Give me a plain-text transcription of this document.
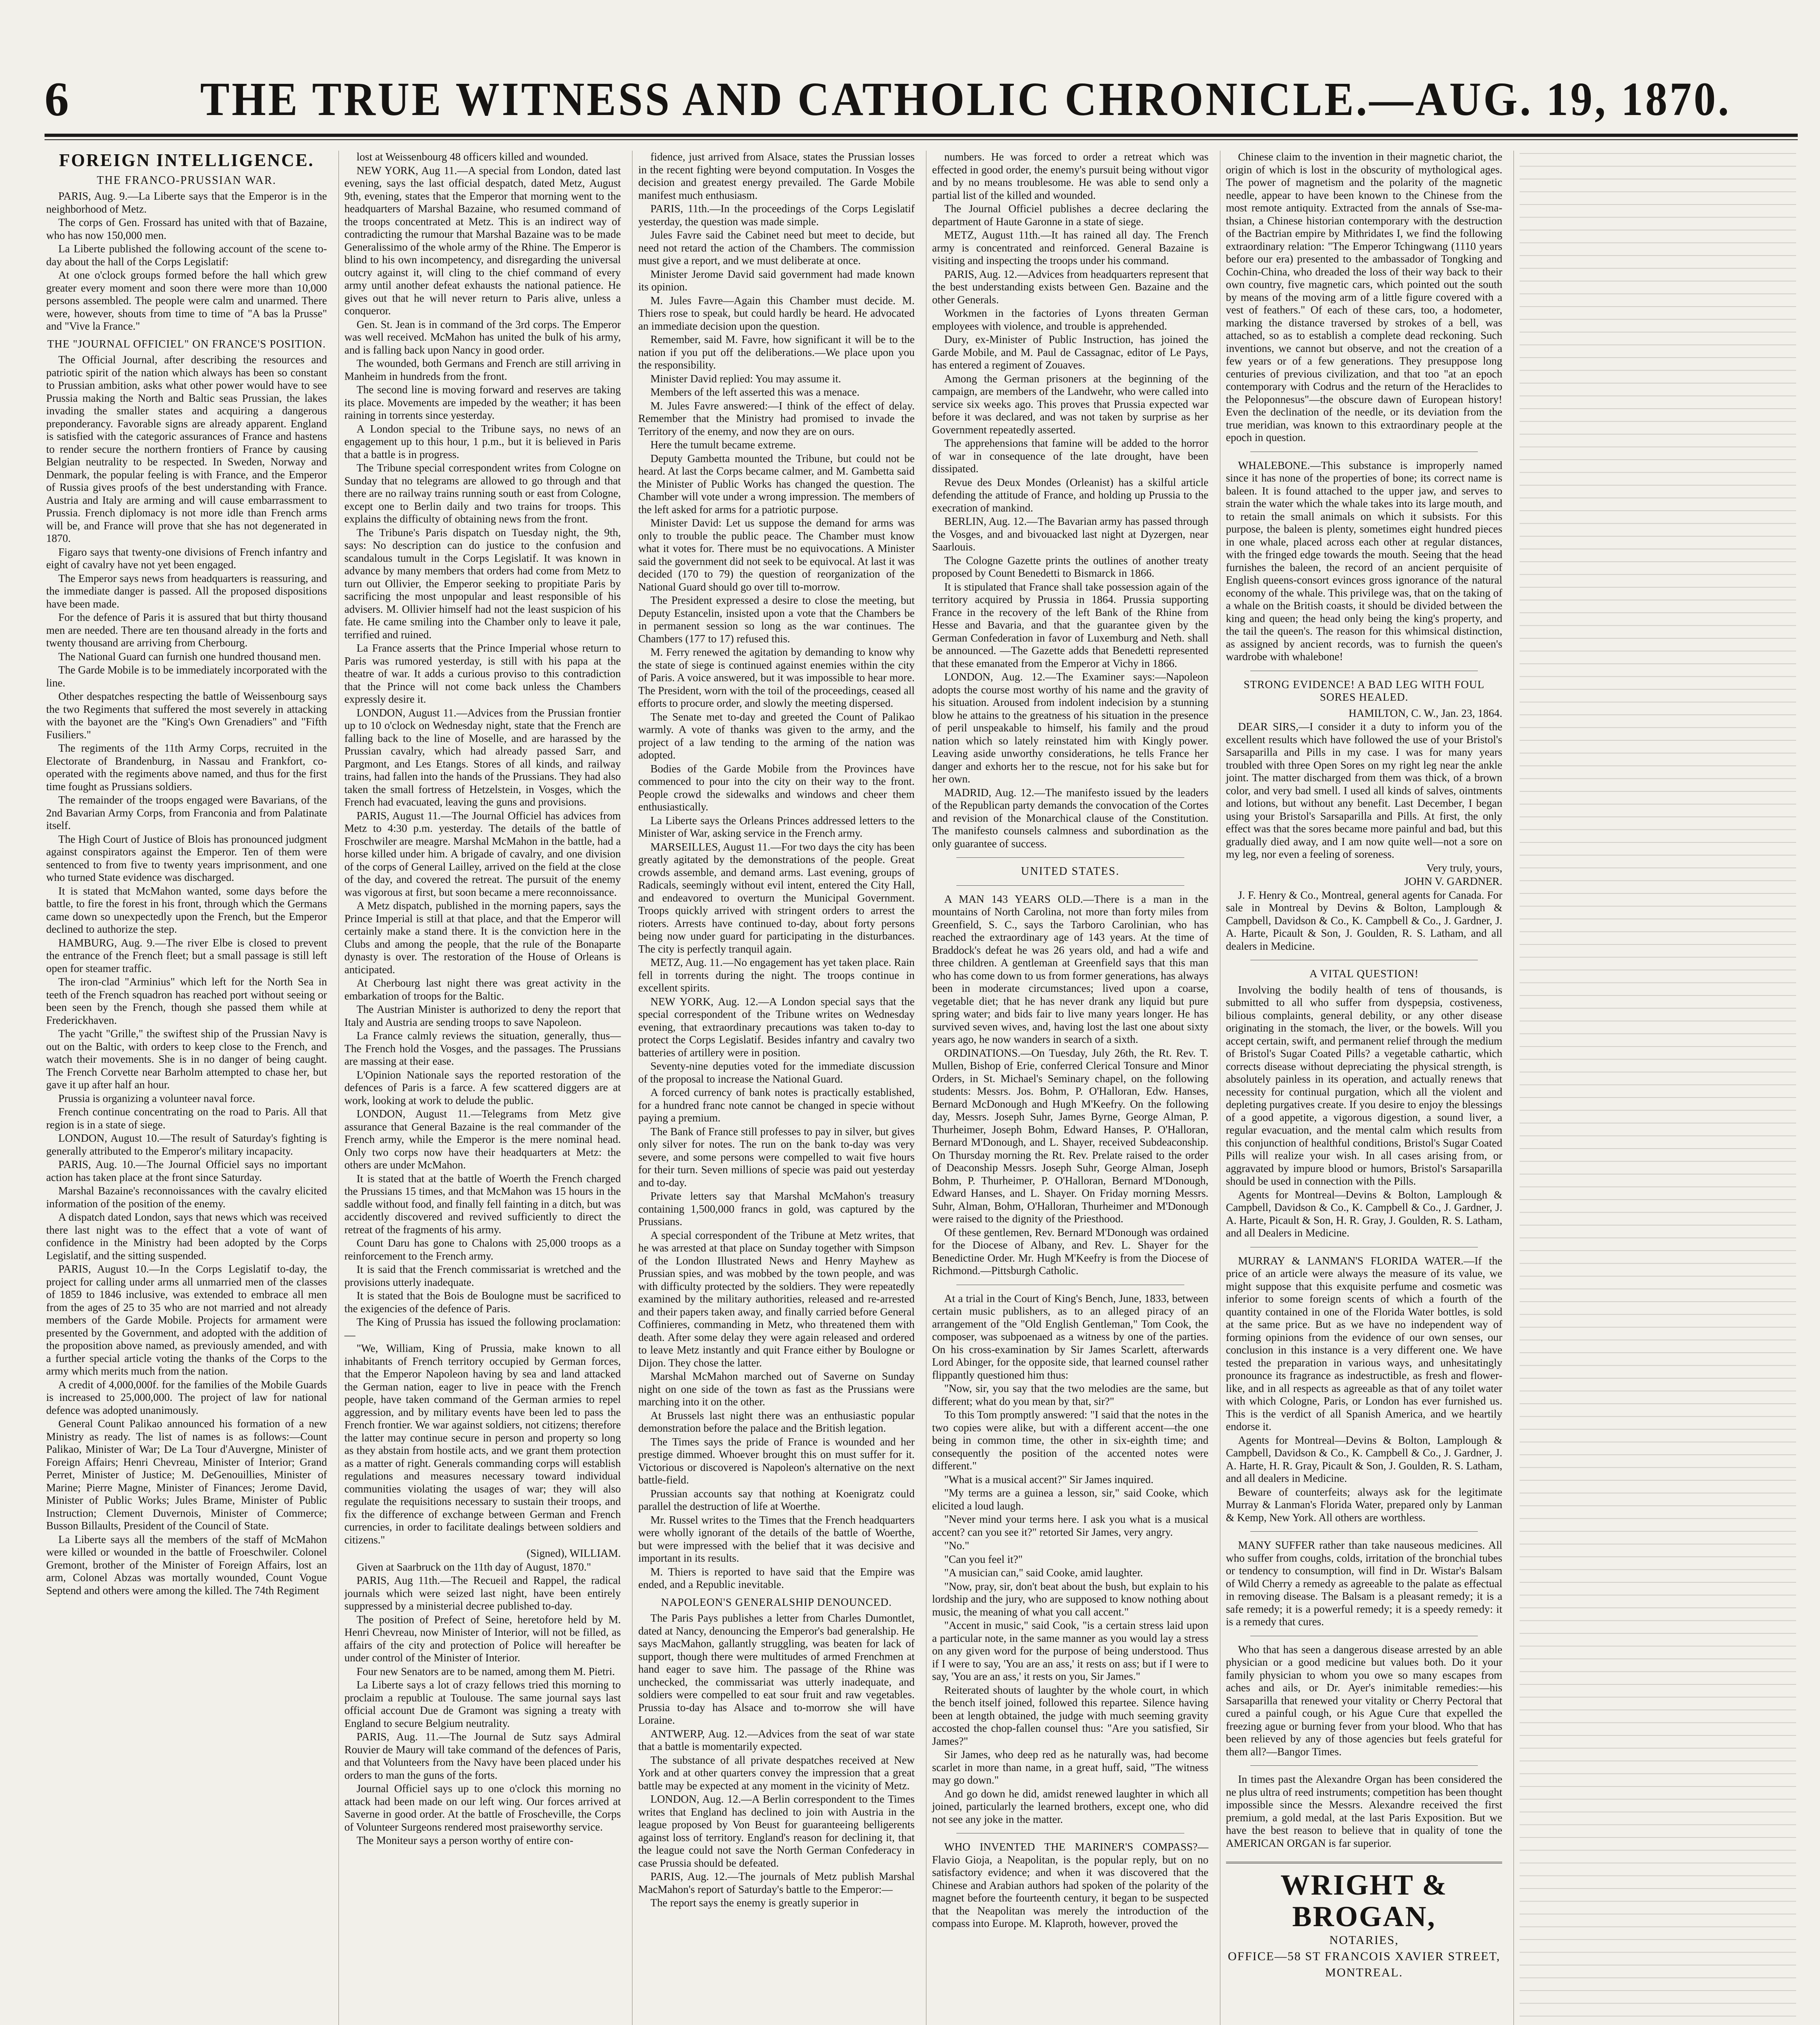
6	THE TRUE WITNESS AND CATHOLIC CHRONICLE.—AUG. 19, 1870.
FOREIGN INTELLIGENCE.
THE FRANCO-PRUSSIAN WAR.

PARIS, Aug. 9.—La Liberte says that the Emperor is in the neighborhood of Metz.

The corps of Gen. Frossard has united with that of Bazaine, who has now 150,000 men.

La Liberte published the following account of the scene to-day about the hall of the Corps Legislatif:

At one o'clock groups formed before the hall which grew greater every moment and soon there were more than 10,000 persons assembled. The people were calm and unarmed. There were, however, shouts from time to time of "A bas la Prusse" and "Vive la France."

THE "JOURNAL OFFICIEL" ON FRANCE'S POSITION.

The Official Journal, after describing the resources and patriotic spirit of the nation which always has been so constant to Prussian ambition, asks what other power would have to see Prussia making the North and Baltic seas Prussian, the lakes invading the smaller states and acquiring a dangerous preponderancy. Favorable signs are already apparent. England is satisfied with the categoric assurances of France and hastens to render secure the northern frontiers of France by causing Belgian neutrality to be respected. In Sweden, Norway and Denmark, the popular feeling is with France, and the Emperor of Russia gives proofs of the best understanding with France. Austria and Italy are arming and will cause embarrassment to Prussia. French diplomacy is not more idle than French arms will be, and France will prove that she has not degenerated in 1870.

Figaro says that twenty-one divisions of French infantry and eight of cavalry have not yet been engaged.

The Emperor says news from headquarters is reassuring, and the immediate danger is passed. All the proposed dispositions have been made.

For the defence of Paris it is assured that but thirty thousand men are needed. There are ten thousand already in the forts and twenty thousand are arriving from Cherbourg.

The National Guard can furnish one hundred thousand men.

The Garde Mobile is to be immediately incorporated with the line.

Other despatches respecting the battle of Weissenbourg says the two Regiments that suffered the most severely in attacking with the bayonet are the "King's Own Grenadiers" and "Fifth Fusiliers."

The regiments of the 11th Army Corps, recruited in the Electorate of Brandenburg, in Nassau and Frankfort, co-operated with the regiments above named, and thus for the first time fought as Prussians soldiers.

The remainder of the troops engaged were Bavarians, of the 2nd Bavarian Army Corps, from Franconia and from Palatinate itself.

The High Court of Justice of Blois has pronounced judgment against conspirators against the Emperor. Ten of them were sentenced to from five to twenty years imprisonment, and one who turned State evidence was discharged.

It is stated that McMahon wanted, some days before the battle, to fire the forest in his front, through which the Germans came down so unexpectedly upon the French, but the Emperor declined to authorize the step.

HAMBURG, Aug. 9.—The river Elbe is closed to prevent the entrance of the French fleet; but a small passage is still left open for steamer traffic.

The iron-clad "Arminius" which left for the North Sea in teeth of the French squadron has reached port without seeing or been seen by the French, though she passed them while at Frederickhaven.

The yacht "Grille," the swiftest ship of the Prussian Navy is out on the Baltic, with orders to keep close to the French, and watch their movements. She is in no danger of being caught. The French Corvette near Barholm attempted to chase her, but gave it up after half an hour.

Prussia is organizing a volunteer naval force.

French continue concentrating on the road to Paris. All that region is in a state of siege.

LONDON, August 10.—The result of Saturday's fighting is generally attributed to the Emperor's military incapacity.

PARIS, Aug. 10.—The Journal Officiel says no important action has taken place at the front since Saturday.

Marshal Bazaine's reconnoissances with the cavalry elicited information of the position of the enemy.

A dispatch dated London, says that news which was received there last night was to the effect that a vote of want of confidence in the Ministry had been adopted by the Corps Legislatif, and the sitting suspended.

PARIS, August 10.—In the Corps Legislatif to-day, the project for calling under arms all unmarried men of the classes of 1859 to 1846 inclusive, was extended to embrace all men from the ages of 25 to 35 who are not married and not already members of the Garde Mobile. Projects for armament were presented by the Government, and adopted with the addition of the proposition above named, as previously amended, and with a further special article voting the thanks of the Corps to the army which merits much from the nation.

A credit of 4,000,000f. for the families of the Mobile Guards is increased to 25,000,000. The project of law for national defence was adopted unanimously.

General Count Palikao announced his formation of a new Ministry as ready. The list of names is as follows:—Count Palikao, Minister of War; De La Tour d'Auvergne, Minister of Foreign Affairs; Henri Chevreau, Minister of Interior; Grand Perret, Minister of Justice; M. DeGenouillies, Minister of Marine; Pierre Magne, Minister of Finances; Jerome David, Minister of Public Works; Jules Brame, Minister of Public Instruction; Clement Duvernois, Minister of Commerce; Busson Billaults, President of the Council of State.

La Liberte says all the members of the staff of McMahon were killed or wounded in the battle of Froeschwiler. Colonel Gremont, brother of the Minister of Foreign Affairs, lost an arm, Colonel Abzas was mortally wounded, Count Vogue Septend and others were among the killed. The 74th Regiment

lost at Weissenbourg 48 officers killed and wounded.

NEW YORK, Aug 11.—A special from London, dated last evening, says the last official despatch, dated Metz, August 9th, evening, states that the Emperor that morning went to the headquarters of Marshal Bazaine, who resumed command of the troops concentrated at Metz. This is an indirect way of contradicting the rumour that Marshal Bazaine was to be made Generalissimo of the whole army of the Rhine. The Emperor is blind to his own incompetency, and disregarding the universal outcry against it, will cling to the chief command of every army until another defeat exhausts the national patience. He gives out that he will never return to Paris alive, unless a conqueror.

Gen. St. Jean is in command of the 3rd corps. The Emperor was well received. McMahon has united the bulk of his army, and is falling back upon Nancy in good order.

The wounded, both Germans and French are still arriving in Manheim in hundreds from the front.

The second line is moving forward and reserves are taking its place. Movements are impeded by the weather; it has been raining in torrents since yesterday.

A London special to the Tribune says, no news of an engagement up to this hour, 1 p.m., but it is believed in Paris that a battle is in progress.

The Tribune special correspondent writes from Cologne on Sunday that no telegrams are allowed to go through and that there are no railway trains running south or east from Cologne, except one to Berlin daily and two trains for troops. This explains the difficulty of obtaining news from the front.

The Tribune's Paris dispatch on Tuesday night, the 9th, says: No description can do justice to the confusion and scandalous tumult in the Corps Legislatif. It was known in advance by many members that orders had come from Metz to turn out Ollivier, the Emperor seeking to propitiate Paris by sacrificing the most unpopular and least responsible of his advisers. M. Ollivier himself had not the least suspicion of his fate. He came smiling into the Chamber only to leave it pale, terrified and ruined.

La France asserts that the Prince Imperial whose return to Paris was rumored yesterday, is still with his papa at the theatre of war. It adds a curious proviso to this contradiction that the Prince will not come back unless the Chambers expressly desire it.

LONDON, August 11.—Advices from the Prussian frontier up to 10 o'clock on Wednesday night, state that the French are falling back to the line of Moselle, and are harassed by the Prussian cavalry, which had already passed Sarr, and Pargmont, and Les Etangs. Stores of all kinds, and railway trains, had fallen into the hands of the Prussians. They had also taken the small fortress of Hetzelstein, in Vosges, which the French had evacuated, leaving the guns and provisions.

PARIS, August 11.—The Journal Officiel has advices from Metz to 4:30 p.m. yesterday. The details of the battle of Froschwiler are meagre. Marshal McMahon in the battle, had a horse killed under him. A brigade of cavalry, and one division of the corps of General Lailley, arrived on the field at the close of the day, and covered the retreat. The pursuit of the enemy was vigorous at first, but soon became a mere reconnoissance.

A Metz dispatch, published in the morning papers, says the Prince Imperial is still at that place, and that the Emperor will certainly make a stand there. It is the conviction here in the Clubs and among the people, that the rule of the Bonaparte dynasty is over. The restoration of the House of Orleans is anticipated.

At Cherbourg last night there was great activity in the embarkation of troops for the Baltic.

The Austrian Minister is authorized to deny the report that Italy and Austria are sending troops to save Napoleon.

La France calmly reviews the situation, generally, thus—The French hold the Vosges, and the passages. The Prussians are massing at their ease.

L'Opinion Nationale says the reported restoration of the defences of Paris is a farce. A few scattered diggers are at work, looking at work to delude the public.

LONDON, August 11.—Telegrams from Metz give assurance that General Bazaine is the real commander of the French army, while the Emperor is the mere nominal head. Only two corps now have their headquarters at Metz: the others are under McMahon.

It is stated that at the battle of Woerth the French charged the Prussians 15 times, and that McMahon was 15 hours in the saddle without food, and finally fell fainting in a ditch, but was accidently discovered and revived sufficiently to direct the retreat of the fragments of his army.

Count Daru has gone to Chalons with 25,000 troops as a reinforcement to the French army.

It is said that the French commissariat is wretched and the provisions utterly inadequate.

It is stated that the Bois de Boulogne must be sacrificed to the exigencies of the defence of Paris.

The King of Prussia has issued the following proclamation:—

"We, William, King of Prussia, make known to all inhabitants of French territory occupied by German forces, that the Emperor Napoleon having by sea and land attacked the German nation, eager to live in peace with the French people, have taken command of the German armies to repel aggression, and by military events have been led to pass the French frontier. We war against soldiers, not citizens; therefore the latter may continue secure in person and property so long as they abstain from hostile acts, and we grant them protection as a matter of right. Generals commanding corps will establish regulations and measures necessary toward individual communities violating the usages of war; they will also regulate the requisitions necessary to sustain their troops, and fix the difference of exchange between German and French currencies, in order to facilitate dealings between soldiers and citizens."

(Signed), WILLIAM.

Given at Saarbruck on the 11th day of August, 1870."

PARIS, Aug 11th.—The Recueil and Rappel, the radical journals which were seized last night, have been entirely suppressed by a ministerial decree published to-day.

The position of Prefect of Seine, heretofore held by M. Henri Chevreau, now Minister of Interior, will not be filled, as affairs of the city and protection of Police will hereafter be under control of the Minister of Interior.

Four new Senators are to be named, among them M. Pietri.

La Liberte says a lot of crazy fellows tried this morning to proclaim a republic at Toulouse. The same journal says last official account Due de Gramont was signing a treaty with England to secure Belgium neutrality.

PARIS, Aug. 11.—The Journal de Sutz says Admiral Rouvier de Maury will take command of the defences of Paris, and that Volunteers from the Navy have been placed under his orders to man the guns of the forts.

Journal Officiel says up to one o'clock this morning no attack had been made on our left wing. Our forces arrived at Saverne in good order. At the battle of Froscheville, the Corps of Volunteer Surgeons rendered most praiseworthy service.

The Moniteur says a person worthy of entire con-

fidence, just arrived from Alsace, states the Prussian losses in the recent fighting were beyond computation. In Vosges the decision and greatest energy prevailed. The Garde Mobile manifest much enthusiasm.

PARIS, 11th.—In the proceedings of the Corps Legislatif yesterday, the question was made simple.

Jules Favre said the Cabinet need but meet to decide, but need not retard the action of the Chambers. The commission must give a report, and we must deliberate at once.

Minister Jerome David said government had made known its opinion.

M. Jules Favre—Again this Chamber must decide. M. Thiers rose to speak, but could hardly be heard. He advocated an immediate decision upon the question.

Remember, said M. Favre, how significant it will be to the nation if you put off the deliberations.—We place upon you the responsibility.

Minister David replied: You may assume it.

Members of the left asserted this was a menace.

M. Jules Favre answered:—I think of the effect of delay. Remember that the Ministry had promised to invade the Territory of the enemy, and now they are on ours.

Here the tumult became extreme.

Deputy Gambetta mounted the Tribune, but could not be heard. At last the Corps became calmer, and M. Gambetta said the Minister of Public Works has changed the question. The Chamber will vote under a wrong impression. The members of the left asked for arms for a patriotic purpose.

Minister David: Let us suppose the demand for arms was only to trouble the public peace. The Chamber must know what it votes for. There must be no equivocations. A Minister said the government did not seek to be equivocal. At last it was decided (170 to 79) the question of reorganization of the National Guard should go over till to-morrow.

The President expressed a desire to close the meeting, but Deputy Estancelin, insisted upon a vote that the Chambers be in permanent session so long as the war continues. The Chambers (177 to 17) refused this.

M. Ferry renewed the agitation by demanding to know why the state of siege is continued against enemies within the city of Paris. A voice answered, but it was impossible to hear more. The President, worn with the toil of the proceedings, ceased all efforts to procure order, and slowly the meeting dispersed.

The Senate met to-day and greeted the Count of Palikao warmly. A vote of thanks was given to the army, and the project of a law tending to the arming of the nation was adopted.

Bodies of the Garde Mobile from the Provinces have commenced to pour into the city on their way to the front. People crowd the sidewalks and windows and cheer them enthusiastically.

La Liberte says the Orleans Princes addressed letters to the Minister of War, asking service in the French army.

MARSEILLES, August 11.—For two days the city has been greatly agitated by the demonstrations of the people. Great crowds assemble, and demand arms. Last evening, groups of Radicals, seemingly without evil intent, entered the City Hall, and endeavored to overturn the Municipal Government. Troops quickly arrived with stringent orders to arrest the rioters. Arrests have continued to-day, about forty persons being now under guard for participating in the disturbances. The city is perfectly tranquil again.

METZ, Aug. 11.—No engagement has yet taken place. Rain fell in torrents during the night. The troops continue in excellent spirits.

NEW YORK, Aug. 12.—A London special says that the special correspondent of the Tribune writes on Wednesday evening, that extraordinary precautions was taken to-day to protect the Corps Legislatif. Besides infantry and cavalry two batteries of artillery were in position.

Seventy-nine deputies voted for the immediate discussion of the proposal to increase the National Guard.

A forced currency of bank notes is practically established, for a hundred franc note cannot be changed in specie without paying a premium.

The Bank of France still professes to pay in silver, but gives only silver for notes. The run on the bank to-day was very severe, and some persons were compelled to wait five hours for their turn. Seven millions of specie was paid out yesterday and to-day.

Private letters say that Marshal McMahon's treasury containing 1,500,000 francs in gold, was captured by the Prussians.

A special correspondent of the Tribune at Metz writes, that he was arrested at that place on Sunday together with Simpson of the London Illustrated News and Henry Mayhew as Prussian spies, and was mobbed by the town people, and was with difficulty protected by the soldiers. They were repeatedly examined by the military authorities, released and re-arrested and their papers taken away, and finally carried before General Coffinieres, commanding in Metz, who threatened them with death. After some delay they were again released and ordered to leave Metz instantly and quit France either by Boulogne or Dijon. They chose the latter.

Marshal McMahon marched out of Saverne on Sunday night on one side of the town as fast as the Prussians were marching into it on the other.

At Brussels last night there was an enthusiastic popular demonstration before the palace and the British legation.

The Times says the pride of France is wounded and her prestige dimmed. Whoever brought this on must suffer for it. Victorious or discovered is Napoleon's alternative on the next battle-field.

Prussian accounts say that nothing at Koenigratz could parallel the destruction of life at Woerthe.

Mr. Russel writes to the Times that the French headquarters were wholly ignorant of the details of the battle of Woerthe, but were impressed with the belief that it was decisive and important in its results.

M. Thiers is reported to have said that the Empire was ended, and a Republic inevitable.

NAPOLEON'S GENERALSHIP DENOUNCED.

The Paris Pays publishes a letter from Charles Dumontlet, dated at Nancy, denouncing the Emperor's bad generalship. He says MacMahon, gallantly struggling, was beaten for lack of support, though there were multitudes of armed Frenchmen at hand eager to save him. The passage of the Rhine was unchecked, the commissariat was utterly inadequate, and soldiers were compelled to eat sour fruit and raw vegetables. Prussia to-day has Alsace and to-morrow she will have Loraine.

ANTWERP, Aug. 12.—Advices from the seat of war state that a battle is momentarily expected.

The substance of all private despatches received at New York and at other quarters convey the impression that a great battle may be expected at any moment in the vicinity of Metz.

LONDON, Aug. 12.—A Berlin correspondent to the Times writes that England has declined to join with Austria in the league proposed by Von Beust for guaranteeing belligerents against loss of territory. England's reason for declining it, that the league could not save the North German Confederacy in case Prussia should be defeated.

PARIS, Aug. 12.—The journals of Metz publish Marshal MacMahon's report of Saturday's battle to the Emperor:—

The report says the enemy is greatly superior in

numbers. He was forced to order a retreat which was effected in good order, the enemy's pursuit being without vigor and by no means troublesome. He was able to send only a partial list of the killed and wounded.

The Journal Officiel publishes a decree declaring the department of Haute Garonne in a state of siege.

METZ, August 11th.—It has rained all day. The French army is concentrated and reinforced. General Bazaine is visiting and inspecting the troops under his command.

PARIS, Aug. 12.—Advices from headquarters represent that the best understanding exists between Gen. Bazaine and the other Generals.

Workmen in the factories of Lyons threaten German employees with violence, and trouble is apprehended.

Dury, ex-Minister of Public Instruction, has joined the Garde Mobile, and M. Paul de Cassagnac, editor of Le Pays, has entered a regiment of Zouaves.

Among the German prisoners at the beginning of the campaign, are members of the Landwehr, who were called into service six weeks ago. This proves that Prussia expected war before it was declared, and was not taken by surprise as her Government repeatedly asserted.

The apprehensions that famine will be added to the horror of war in consequence of the late drought, have been dissipated.

Revue des Deux Mondes (Orleanist) has a skilful article defending the attitude of France, and holding up Prussia to the execration of mankind.

BERLIN, Aug. 12.—The Bavarian army has passed through the Vosges, and and bivouacked last night at Dyzergen, near Saarlouis.

The Cologne Gazette prints the outlines of another treaty proposed by Count Benedetti to Bismarck in 1866.

It is stipulated that France shall take possession again of the territory acquired by Prussia in 1864. Prussia supporting France in the recovery of the left Bank of the Rhine from Hesse and Bavaria, and that the guarantee given by the German Confederation in favor of Luxemburg and Neth. shall be announced. —The Gazette adds that Benedetti represented that these emanated from the Emperor at Vichy in 1866.

LONDON, Aug. 12.—The Examiner says:—Napoleon adopts the course most worthy of his name and the gravity of his situation. Aroused from indolent indecision by a stunning blow he attains to the greatness of his situation in the presence of peril unspeakable to himself, his family and the proud nation which so lately reinstated him with Kingly power. Leaving aside unworthy considerations, he tells France her danger and exhorts her to the rescue, not for his sake but for her own.

MADRID, Aug. 12.—The manifesto issued by the leaders of the Republican party demands the convocation of the Cortes and revision of the Monarchical clause of the Constitution. The manifesto counsels calmness and subordination as the only guarantee of success.

UNITED STATES.

A MAN 143 YEARS OLD.—There is a man in the mountains of North Carolina, not more than forty miles from Greenfield, S. C., says the Tarboro Carolinian, who has reached the extraordinary age of 143 years. At the time of Braddock's defeat he was 26 years old, and had a wife and three children. A gentleman at Greenfield says that this man who has come down to us from former generations, has always been in moderate circumstances; lived upon a coarse, vegetable diet; that he has never drank any liquid but pure spring water; and bids fair to live many years longer. He has survived seven wives, and, having lost the last one about sixty years ago, he now wanders in search of a sixth.

ORDINATIONS.—On Tuesday, July 26th, the Rt. Rev. T. Mullen, Bishop of Erie, conferred Clerical Tonsure and Minor Orders, in St. Michael's Seminary chapel, on the following students: Messrs. Jos. Bohm, P. O'Halloran, Edw. Hanses, Bernard McDonough and Hugh M'Keefry. On the following day, Messrs. Joseph Suhr, James Byrne, George Alman, P. Thurheimer, Joseph Bohm, Edward Hanses, P. O'Halloran, Bernard M'Donough, and L. Shayer, received Subdeaconship. On Thursday morning the Rt. Rev. Prelate raised to the order of Deaconship Messrs. Joseph Suhr, George Alman, Joseph Bohm, P. Thurheimer, P. O'Halloran, Bernard M'Donough, Edward Hanses, and L. Shayer. On Friday morning Messrs. Suhr, Alman, Bohm, O'Halloran, Thurheimer and M'Donough were raised to the dignity of the Priesthood.

Of these gentlemen, Rev. Bernard M'Donough was ordained for the Diocese of Albany, and Rev. L. Shayer for the Benedictine Order. Mr. Hugh M'Keefry is from the Diocese of Richmond.—Pittsburgh Catholic.

At a trial in the Court of King's Bench, June, 1833, between certain music publishers, as to an alleged piracy of an arrangement of the "Old English Gentleman," Tom Cook, the composer, was subpoenaed as a witness by one of the parties. On his cross-examination by Sir James Scarlett, afterwards Lord Abinger, for the opposite side, that learned counsel rather flippantly questioned him thus:

"Now, sir, you say that the two melodies are the same, but different; what do you mean by that, sir?"

To this Tom promptly answered: "I said that the notes in the two copies were alike, but with a different accent—the one being in common time, the other in six-eighth time; and consequently the position of the accented notes were different."

"What is a musical accent?" Sir James inquired.

"My terms are a guinea a lesson, sir," said Cooke, which elicited a loud laugh.

"Never mind your terms here. I ask you what is a musical accent? can you see it?" retorted Sir James, very angry.

"No."

"Can you feel it?"

"A musician can," said Cooke, amid laughter.

"Now, pray, sir, don't beat about the bush, but explain to his lordship and the jury, who are supposed to know nothing about music, the meaning of what you call accent."

"Accent in music," said Cook, "is a certain stress laid upon a particular note, in the same manner as you would lay a stress on any given word for the purpose of being understood. Thus if I were to say, 'You are an ass,' it rests on ass; but if I were to say, 'You are an ass,' it rests on you, Sir James."

Reiterated shouts of laughter by the whole court, in which the bench itself joined, followed this repartee. Silence having been at length obtained, the judge with much seeming gravity accosted the chop-fallen counsel thus: "Are you satisfied, Sir James?"

Sir James, who deep red as he naturally was, had become scarlet in more than name, in a great huff, said, "The witness may go down."

And go down he did, amidst renewed laughter in which all joined, particularly the learned brothers, except one, who did not see any joke in the matter.

WHO INVENTED THE MARINER'S COMPASS?—Flavio Gioja, a Neapolitan, is the popular reply, but on no satisfactory evidence; and when it was discovered that the Chinese and Arabian authors had spoken of the polarity of the magnet before the fourteenth century, it began to be suspected that the Neapolitan was merely the introduction of the compass into Europe. M. Klaproth, however, proved the

Chinese claim to the invention in their magnetic chariot, the origin of which is lost in the obscurity of mythological ages. The power of magnetism and the polarity of the magnetic needle, appear to have been known to the Chinese from the most remote antiquity. Extracted from the annals of Sse-ma-thsian, a Chinese historian contemporary with the destruction of the Bactrian empire by Mithridates I, we find the following extraordinary relation: "The Emperor Tchingwang (1110 years before our era) presented to the ambassador of Tongking and Cochin-China, who dreaded the loss of their way back to their own country, five magnetic cars, which pointed out the south by means of the moving arm of a little figure covered with a vest of feathers." Of each of these cars, too, a hodometer, marking the distance traversed by strokes of a bell, was attached, so as to establish a complete dead reckoning. Such inventions, we cannot but observe, and not the creation of a few years or of a few generations. They presuppose long centuries of previous civilization, and that too "at an epoch contemporary with Codrus and the return of the Heraclides to the Peloponnesus"—the obscure dawn of European history! Even the declination of the needle, or its deviation from the true meridian, was known to this extraordinary people at the epoch in question.

WHALEBONE.—This substance is improperly named since it has none of the properties of bone; its correct name is baleen. It is found attached to the upper jaw, and serves to strain the water which the whale takes into its large mouth, and to retain the small animals on which it subsists. For this purpose, the baleen is plenty, sometimes eight hundred pieces in one whale, placed across each other at regular distances, with the fringed edge towards the mouth. Seeing that the head furnishes the baleen, the record of an ancient perquisite of English queens-consort evinces gross ignorance of the natural economy of the whale. This privilege was, that on the taking of a whale on the British coasts, it should be divided between the king and queen; the head only being the king's property, and the tail the queen's. The reason for this whimsical distinction, as assigned by ancient records, was to furnish the queen's wardrobe with whalebone!

STRONG EVIDENCE! A BAD LEG WITH FOUL SORES HEALED.

HAMILTON, C. W., Jan. 23, 1864.

DEAR SIRS,—I consider it a duty to inform you of the excellent results which have followed the use of your Bristol's Sarsaparilla and Pills in my case. I was for many years troubled with three Open Sores on my right leg near the ankle joint. The matter discharged from them was thick, of a brown color, and very bad smell. I used all kinds of salves, ointments and lotions, but without any benefit. Last December, I began using your Bristol's Sarsaparilla and Pills. At first, the only effect was that the sores became more painful and bad, but this gradually died away, and I am now quite well—not a sore on my leg, nor even a feeling of soreness.

Very truly, yours,

JOHN V. GARDNER.

J. F. Henry & Co., Montreal, general agents for Canada. For sale in Montreal by Devins & Bolton, Lamplough & Campbell, Davidson & Co., K. Campbell & Co., J. Gardner, J. A. Harte, Picault & Son, J. Goulden, R. S. Latham, and all dealers in Medicine.

A VITAL QUESTION!

Involving the bodily health of tens of thousands, is submitted to all who suffer from dyspepsia, costiveness, bilious complaints, general debility, or any other disease originating in the stomach, the liver, or the bowels. Will you accept certain, swift, and permanent relief through the medium of Bristol's Sugar Coated Pills? a vegetable cathartic, which corrects disease without depreciating the physical strength, is absolutely painless in its operation, and actually renews that necessity for continual purgation, which all the violent and depleting purgatives create. If you desire to enjoy the blessings of a good appetite, a vigorous digestion, a sound liver, a regular evacuation, and the mental calm which results from this conjunction of healthful conditions, Bristol's Sugar Coated Pills will realize your wish. In all cases arising from, or aggravated by impure blood or humors, Bristol's Sarsaparilla should be used in connection with the Pills.

Agents for Montreal—Devins & Bolton, Lamplough & Campbell, Davidson & Co., K. Campbell & Co., J. Gardner, J. A. Harte, Picault & Son, H. R. Gray, J. Goulden, R. S. Latham, and all Dealers in Medicine.

MURRAY & LANMAN'S FLORIDA WATER.—If the price of an article were always the measure of its value, we might suppose that this exquisite perfume and cosmetic was inferior to some foreign scents of which a fourth of the quantity contained in one of the Florida Water bottles, is sold at the same price. But as we have no independent way of forming opinions from the evidence of our own senses, our conclusion in this instance is a very different one. We have tested the preparation in various ways, and unhesitatingly pronounce its fragrance as indestructible, as fresh and flower-like, and in all respects as agreeable as that of any toilet water with which Cologne, Paris, or London has ever furnished us. This is the verdict of all Spanish America, and we heartily endorse it.

Agents for Montreal—Devins & Bolton, Lamplough & Campbell, Davidson & Co., K. Campbell & Co., J. Gardner, J. A. Harte, H. R. Gray, Picault & Son, J. Goulden, R. S. Latham, and all dealers in Medicine.

Beware of counterfeits; always ask for the legitimate Murray & Lanman's Florida Water, prepared only by Lanman & Kemp, New York. All others are worthless.

MANY SUFFER rather than take nauseous medicines. All who suffer from coughs, colds, irritation of the bronchial tubes or tendency to consumption, will find in Dr. Wistar's Balsam of Wild Cherry a remedy as agreeable to the palate as effectual in removing disease. The Balsam is a pleasant remedy; it is a safe remedy; it is a powerful remedy; it is a speedy remedy: it is a remedy that cures.

Who that has seen a dangerous disease arrested by an able physician or a good medicine but values both. Do it your family physician to whom you owe so many escapes from aches and ails, or Dr. Ayer's inimitable remedies:—his Sarsaparilla that renewed your vitality or Cherry Pectoral that cured a painful cough, or his Ague Cure that expelled the freezing ague or burning fever from your blood. Who that has been relieved by any of those agencies but feels grateful for them all?—Bangor Times.

In times past the Alexandre Organ has been considered the ne plus ultra of reed instruments; competition has been thought impossible since the Messrs. Alexandre received the first premium, a gold medal, at the last Paris Exposition. But we have the best reason to believe that in quality of tone the AMERICAN ORGAN is far superior.

WRIGHT & BROGAN,
NOTARIES,
OFFICE—58 ST FRANCOIS XAVIER STREET,
MONTREAL.
